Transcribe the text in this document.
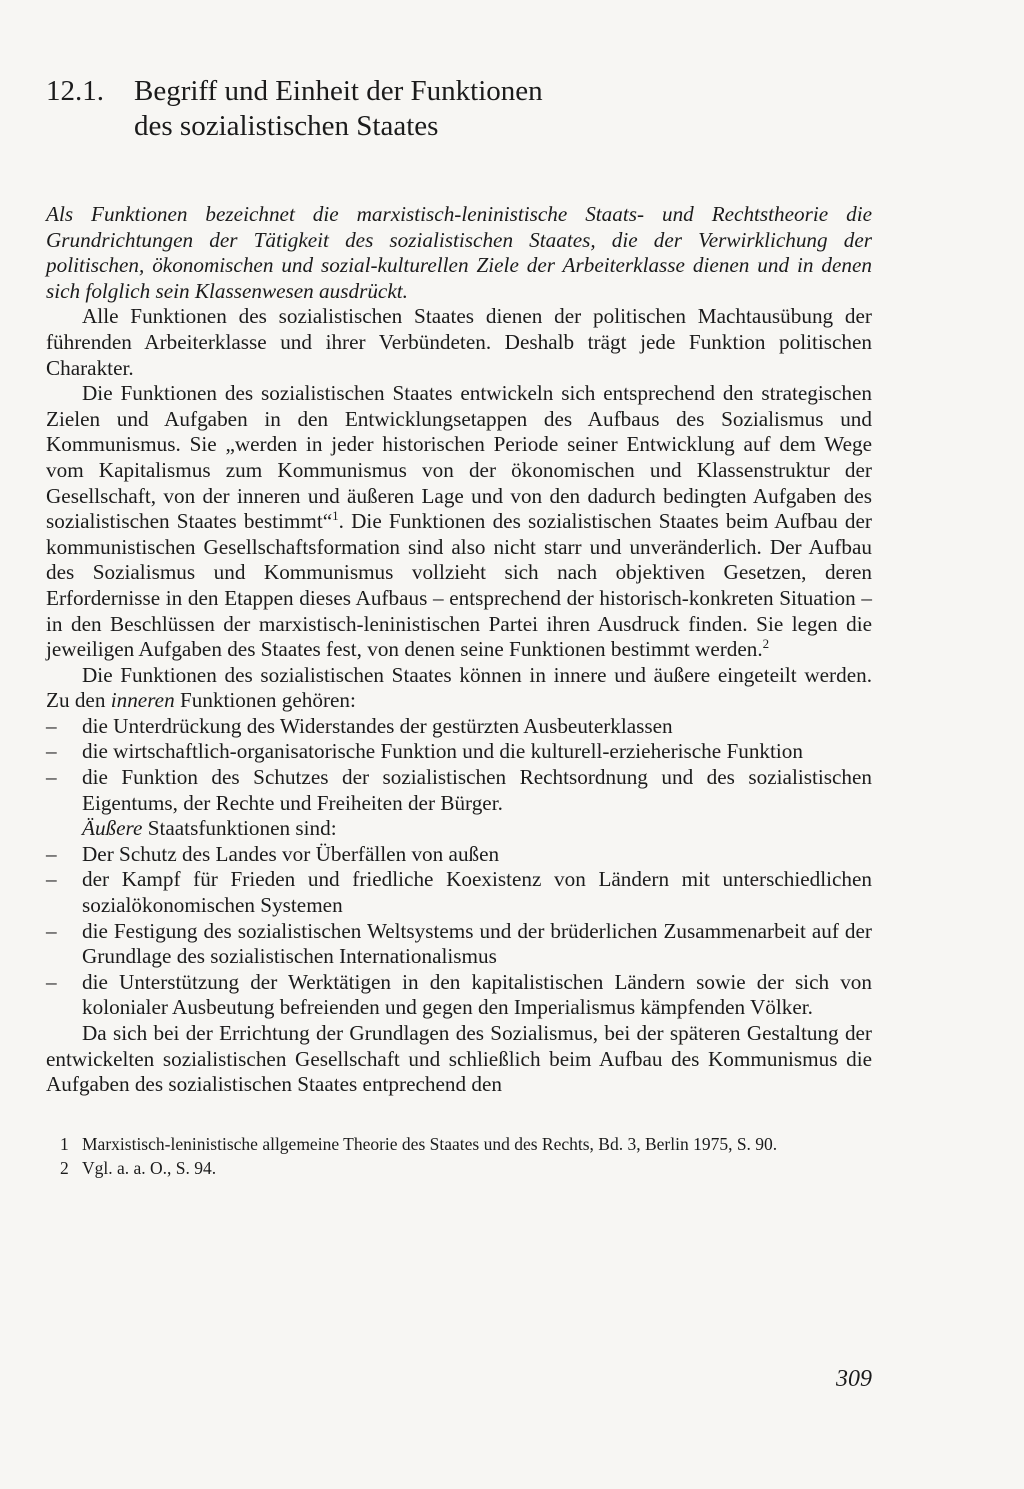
12.1.	Begriff und Einheit der Funktionen
des sozialistischen Staates

Als Funktionen bezeichnet die marxistisch-leninistische Staats- und Rechtstheorie die Grundrichtungen der Tätigkeit des sozialistischen Staates, die der Verwirklichung der politischen, ökonomischen und sozial-kulturellen Ziele der Arbeiterklasse dienen und in denen sich folglich sein Klassenwesen ausdrückt.

Alle Funktionen des sozialistischen Staates dienen der politischen Machtausübung der führenden Arbeiterklasse und ihrer Verbündeten. Deshalb trägt jede Funktion politischen Charakter.

Die Funktionen des sozialistischen Staates entwickeln sich entsprechend den strategischen Zielen und Aufgaben in den Entwicklungsetappen des Aufbaus des Sozialismus und Kommunismus. Sie „werden in jeder historischen Periode seiner Entwicklung auf dem Wege vom Kapitalismus zum Kommunismus von der ökonomischen und Klassenstruktur der Gesellschaft, von der inneren und äußeren Lage und von den dadurch bedingten Aufgaben des sozialistischen Staates bestimmt“$^1$. Die Funktionen des sozialistischen Staates beim Aufbau der kommunistischen Gesellschaftsformation sind also nicht starr und unveränderlich. Der Aufbau des Sozialismus und Kommunismus vollzieht sich nach objektiven Gesetzen, deren Erfordernisse in den Etappen dieses Aufbaus – entsprechend der historisch-konkreten Situation – in den Beschlüssen der marxistisch-leninistischen Partei ihren Ausdruck finden. Sie legen die jeweiligen Aufgaben des Staates fest, von denen seine Funktionen bestimmt werden.$^2$

Die Funktionen des sozialistischen Staates können in innere und äußere eingeteilt werden. Zu den inneren Funktionen gehören:

– die Unterdrückung des Widerstandes der gestürzten Ausbeuterklassen
– die wirtschaftlich-organisatorische Funktion und die kulturell-erzieherische Funktion
– die Funktion des Schutzes der sozialistischen Rechtsordnung und des sozialistischen Eigentums, der Rechte und Freiheiten der Bürger.

Äußere Staatsfunktionen sind:

– Der Schutz des Landes vor Überfällen von außen
– der Kampf für Frieden und friedliche Koexistenz von Ländern mit unterschiedlichen sozialökonomischen Systemen
– die Festigung des sozialistischen Weltsystems und der brüderlichen Zusammenarbeit auf der Grundlage des sozialistischen Internationalismus
– die Unterstützung der Werktätigen in den kapitalistischen Ländern sowie der sich von kolonialer Ausbeutung befreienden und gegen den Imperialismus kämpfenden Völker.

Da sich bei der Errichtung der Grundlagen des Sozialismus, bei der späteren Gestaltung der entwickelten sozialistischen Gesellschaft und schließlich beim Aufbau des Kommunismus die Aufgaben des sozialistischen Staates entprechend den

1 Marxistisch-leninistische allgemeine Theorie des Staates und des Rechts, Bd. 3, Berlin 1975, S. 90.
2 Vgl. a. a. O., S. 94.
309
